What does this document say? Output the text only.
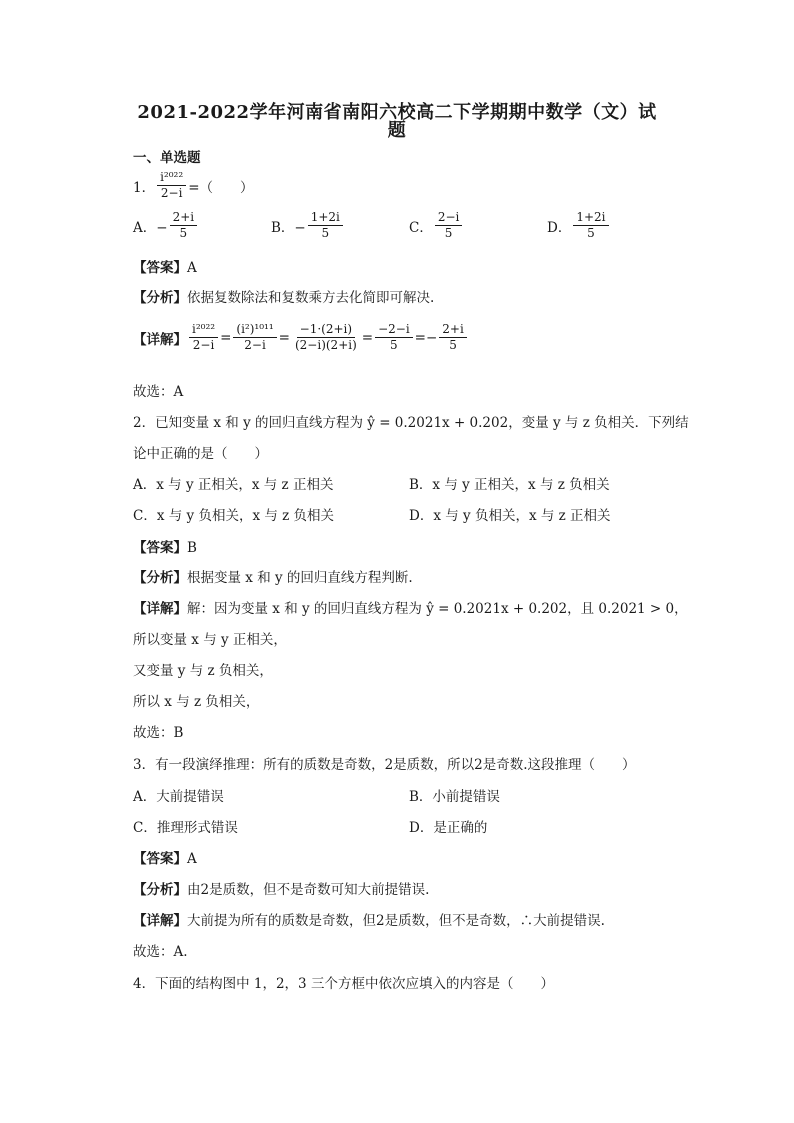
2021-2022学年河南省南阳六校高二下学期期中数学（文）试
题
一、单选题
1． $\frac{\text{i²⁰²²}}{2-i}$ =（　　）
A．− $\frac{2+i}{5}$	B．− $\frac{1+2i}{5}$	C． $\frac{2-i}{5}$	D． $\frac{1+2i}{5}$
【答案】A
【分析】依据复数除法和复数乘方去化简即可解决.
【详解】 $\frac{\text{i²⁰²²}}{2-i} = \frac{\text{(i²)¹⁰¹¹}}{2-i} = \frac{-1\cdot(2+i)}{(2-i)(2+i)} = \frac{-2-i}{5} =- \frac{2+i}{5}$
故选：A
2．已知变量 x 和 y 的回归直线方程为 ŷ = 0.2021x + 0.202，变量 y 与 z 负相关．下列结
论中正确的是（　　）
A．x 与 y 正相关，x 与 z 正相关	B．x 与 y 正相关，x 与 z 负相关
C．x 与 y 负相关，x 与 z 负相关	D．x 与 y 负相关，x 与 z 正相关
【答案】B
【分析】根据变量 x 和 y 的回归直线方程判断.
【详解】解：因为变量 x 和 y 的回归直线方程为 ŷ = 0.2021x + 0.202，且 0.2021 > 0，
所以变量 x 与 y 正相关，
又变量 y 与 z 负相关，
所以 x 与 z 负相关，
故选：B
3．有一段演绎推理：所有的质数是奇数，2是质数，所以2是奇数.这段推理（　　）
A．大前提错误	B．小前提错误
C．推理形式错误	D．是正确的
【答案】A
【分析】由2是质数，但不是奇数可知大前提错误.
【详解】大前提为所有的质数是奇数，但2是质数，但不是奇数，∴大前提错误.
故选：A.
4．下面的结构图中 1，2，3 三个方框中依次应填入的内容是（　　）
